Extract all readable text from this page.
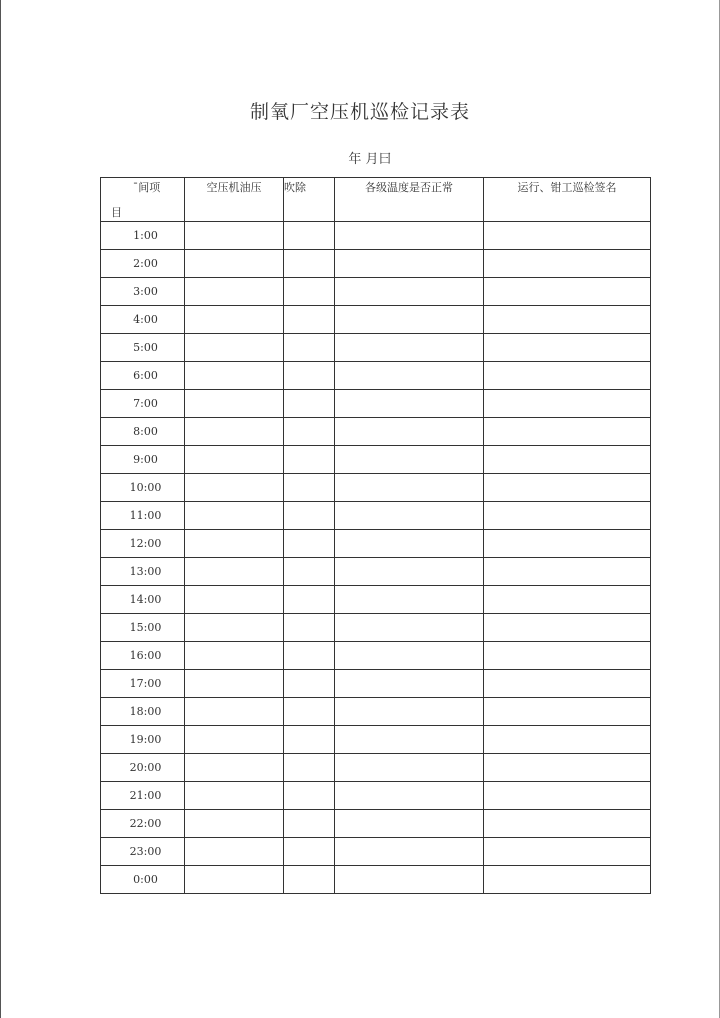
制氧厂空压机巡检记录表
年 月曰
ˉ间项
目	空压机油压	吹除	各级温度是否正常	运行、钳工巡检签名

1:00				
2:00				
3:00				
4:00				
5:00				
6:00				
7:00				
8:00				
9:00				
10:00				
11:00				
12:00				
13:00				
14:00				
15:00				
16:00				
17:00				
18:00				
19:00				
20:00				
21:00				
22:00				
23:00				
0:00				
